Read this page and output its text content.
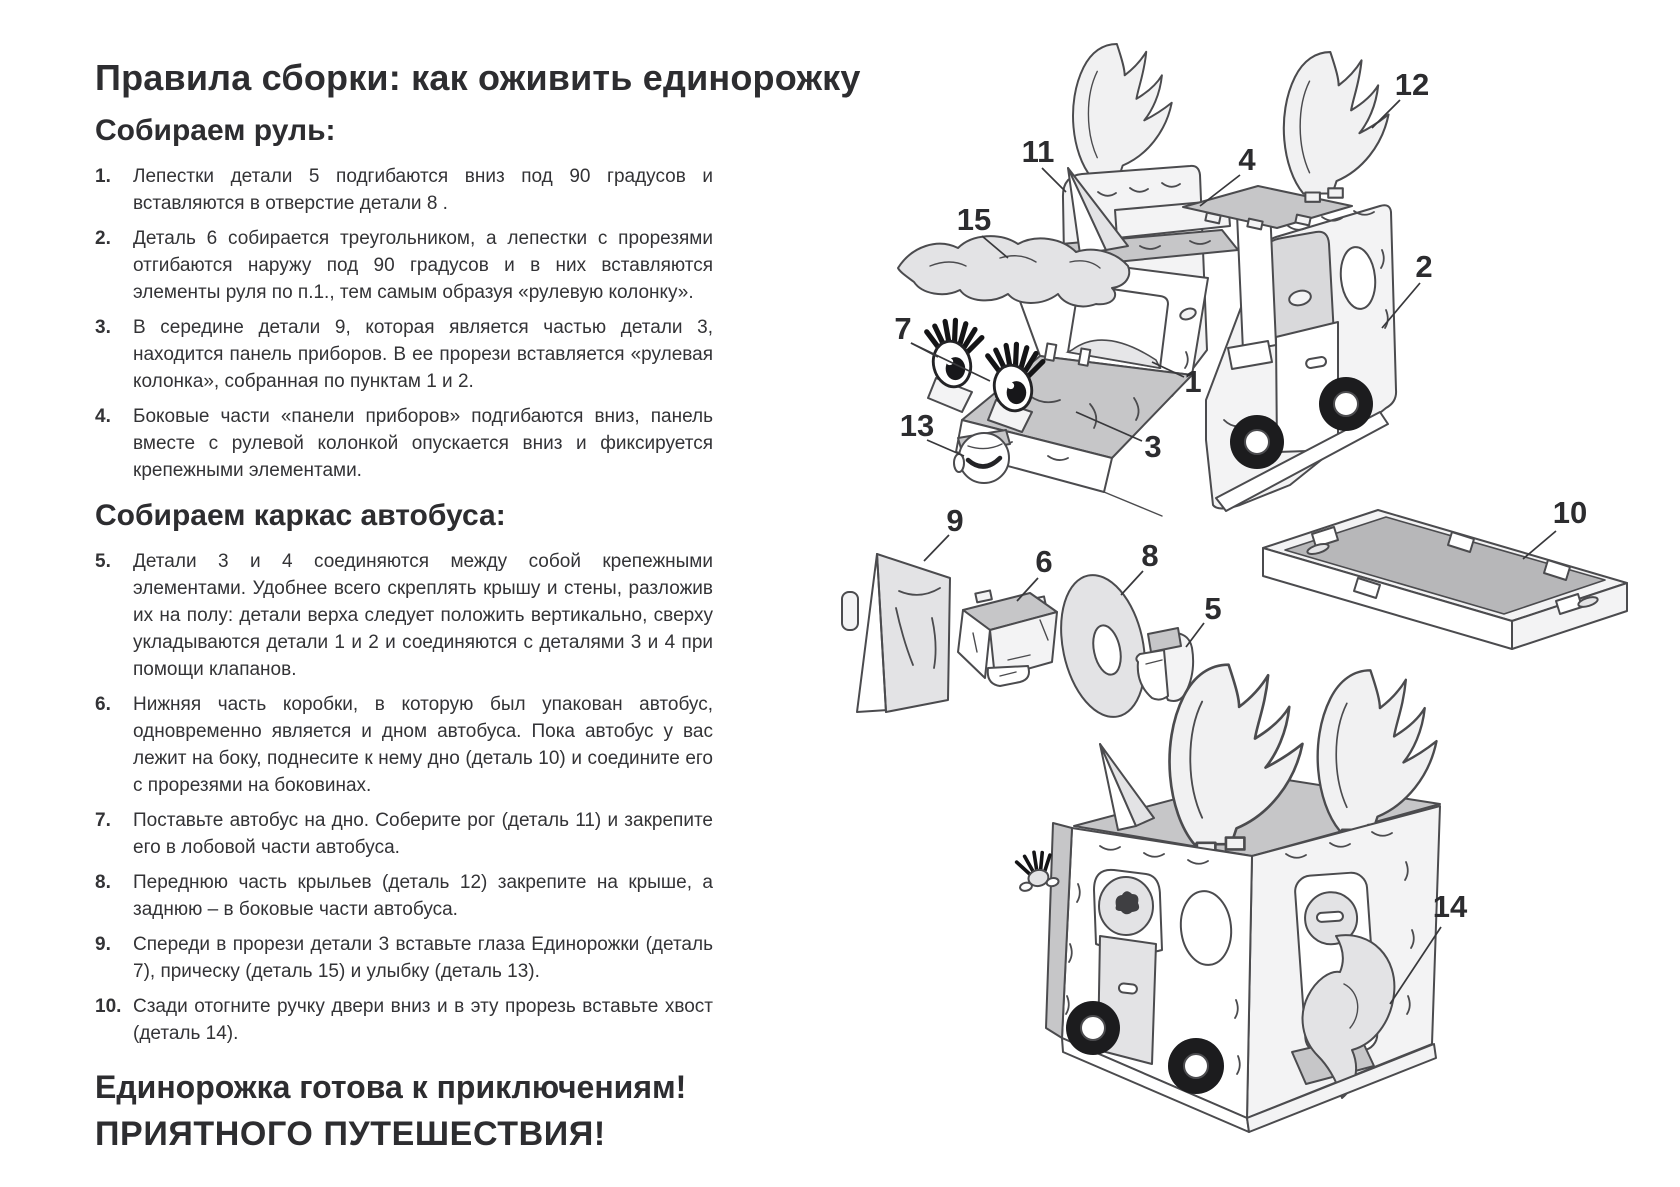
Правила сборки: как оживить единорожку
Собираем руль:
1.	Лепестки детали 5 подгибаются вниз под 90 градусов и вставляются в отверстие детали 8 .
2.	Деталь 6 собирается треугольником, а лепестки с прорезями отгибаются наружу под 90 градусов и в них вставляются элементы руля по п.1., тем самым образуя «рулевую колонку».
3.	В середине детали 9, которая является частью детали 3, находится панель приборов. В ее прорези вставляется «рулевая колонка», собранная по пунктам 1 и 2.
4.	Боковые части «панели приборов» подгибаются вниз, панель вместе с рулевой колонкой опускается вниз и фиксируется крепежными элементами.
Собираем каркас автобуса:
5.	Детали 3 и 4 соединяются между собой крепежными элементами. Удобнее всего скреплять крышу и стены, разложив их на полу: детали верха следует положить вертикально, сверху укладываются детали 1 и 2 и соединяются с деталями 3 и 4 при помощи клапанов.
6.	Нижняя часть коробки, в которую был упакован автобус, одновременно является и дном автобуса. Пока автобус у вас лежит на боку, поднесите к нему дно (деталь 10) и соедините его с прорезями на боковинах.
7.	Поставьте автобус на дно. Соберите рог (деталь 11) и закрепите его в лобовой части автобуса.
8.	Переднюю часть крыльев (деталь 12) закрепите на крыше, а заднюю – в боковые части автобуса.
9.	Спереди в прорези детали 3 вставьте глаза Единорожки (деталь 7), прическу (деталь 15) и улыбку (деталь 13).
10. Сзади отогните ручку двери вниз и в эту прорезь вставьте хвост (деталь 14).

Единорожка готова к приключениям!

ПРИЯТНОГО ПУТЕШЕСТВИЯ!

11	4
12
15
2
7
1
3
13
9
6	8
5
10
14
